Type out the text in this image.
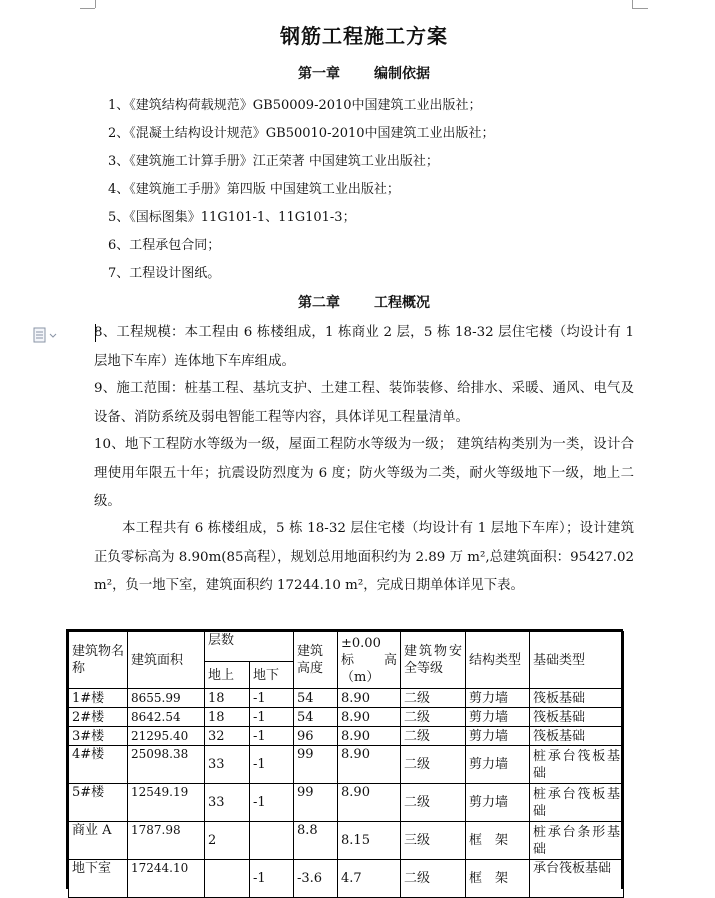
钢筋工程施工方案
第一章 编制依据
1、《建筑结构荷载规范》GB50009-2010中国建筑工业出版社；
2、《混凝土结构设计规范》GB50010-2010中国建筑工业出版社；
3、《建筑施工计算手册》江正荣著 中国建筑工业出版社；
4、《建筑施工手册》第四版 中国建筑工业出版社；
5、《国标图集》11G101-1、11G101-3；
6、工程承包合同；
7、工程设计图纸。
第二章 工程概况
8、工程规模：本工程由 6 栋楼组成，1 栋商业 2 层，5 栋 18-32 层住宅楼（均设计有 1 层地下车库）连体地下车库组成。
9、施工范围：桩基工程、基坑支护、土建工程、装饰装修、给排水、采暖、通风、电气及设备、消防系统及弱电智能工程等内容，具体详见工程量清单。
10、地下工程防水等级为一级，屋面工程防水等级为一级； 建筑结构类别为一类，设计合理使用年限五十年；抗震设防烈度为 6 度；防火等级为二类，耐火等级地下一级，地上二级。
本工程共有 6 栋楼组成，5 栋 18-32 层住宅楼（均设计有 1 层地下车库）；设计建筑正负零标高为 8.90m(85高程），规划总用地面积约为 2.89 万 m²,总建筑面积：95427.02 m²，负一地下室，建筑面积约 17244.10 m²，完成日期单体详见下表。
建筑物名称	建筑面积	层数		建筑高度	±0.00 标　高（m）	建筑物安全等级	结构类型	基础类型
		地上	地下					
1#楼	8655.99	18	-1	54	8.90	二级	剪力墙	筏板基础
2#楼	8642.54	18	-1	54	8.90	二级	剪力墙	筏板基础
3#楼	21295.40	32	-1	96	8.90	二级	剪力墙	筏板基础
4#楼	25098.38	33	-1	99	8.90	二级	剪力墙	桩承台筏板基础
5#楼	12549.19	33	-1	99	8.90	二级	剪力墙	桩承台筏板基础
商业 A	1787.98	2		8.8	8.15	三级	框　架	桩承台条形基础
地下室	17244.10		-1	-3.6	4.7	二级	框　架	承台筏板基础
